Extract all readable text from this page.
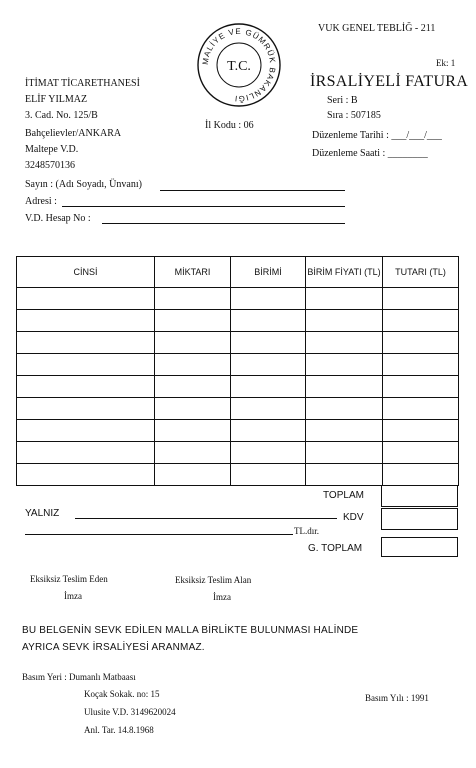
VUK GENEL TEBLİĞ - 211
Ek: 1
İRSALİYELİ FATURA
Seri : B
Sıra : 507185
Düzenleme Tarihi : ___/___/___
Düzenleme Saati : ________
MALİYE VE GÜMRÜK BAKANLIĞI
T.C.
İl Kodu : 06
İTİMAT TİCARETHANESİ
ELİF YILMAZ
3. Cad. No. 125/B
Bahçelievler/ANKARA
Maltepe V.D.
3248570136
Sayın : (Adı Soyadı, Ünvanı)
Adresi :
V.D. Hesap No :
CİNSİ	MİKTARI	BİRİMİ	BİRİM FİYATI (TL)	TUTARI (TL)

TOPLAM
KDV
G. TOPLAM
YALNIZ
TL.dır.
Eksiksiz Teslim Eden
İmza
Eksiksiz Teslim Alan
İmza
BU BELGENİN SEVK EDİLEN MALLA BİRLİKTE BULUNMASI HALİNDE
AYRICA SEVK İRSALİYESİ ARANMAZ.
Basım Yeri : Dumanlı Matbaası
Koçak Sokak. no: 15
Ulusite V.D. 3149620024
Anl. Tar. 14.8.1968
Basım Yılı : 1991
